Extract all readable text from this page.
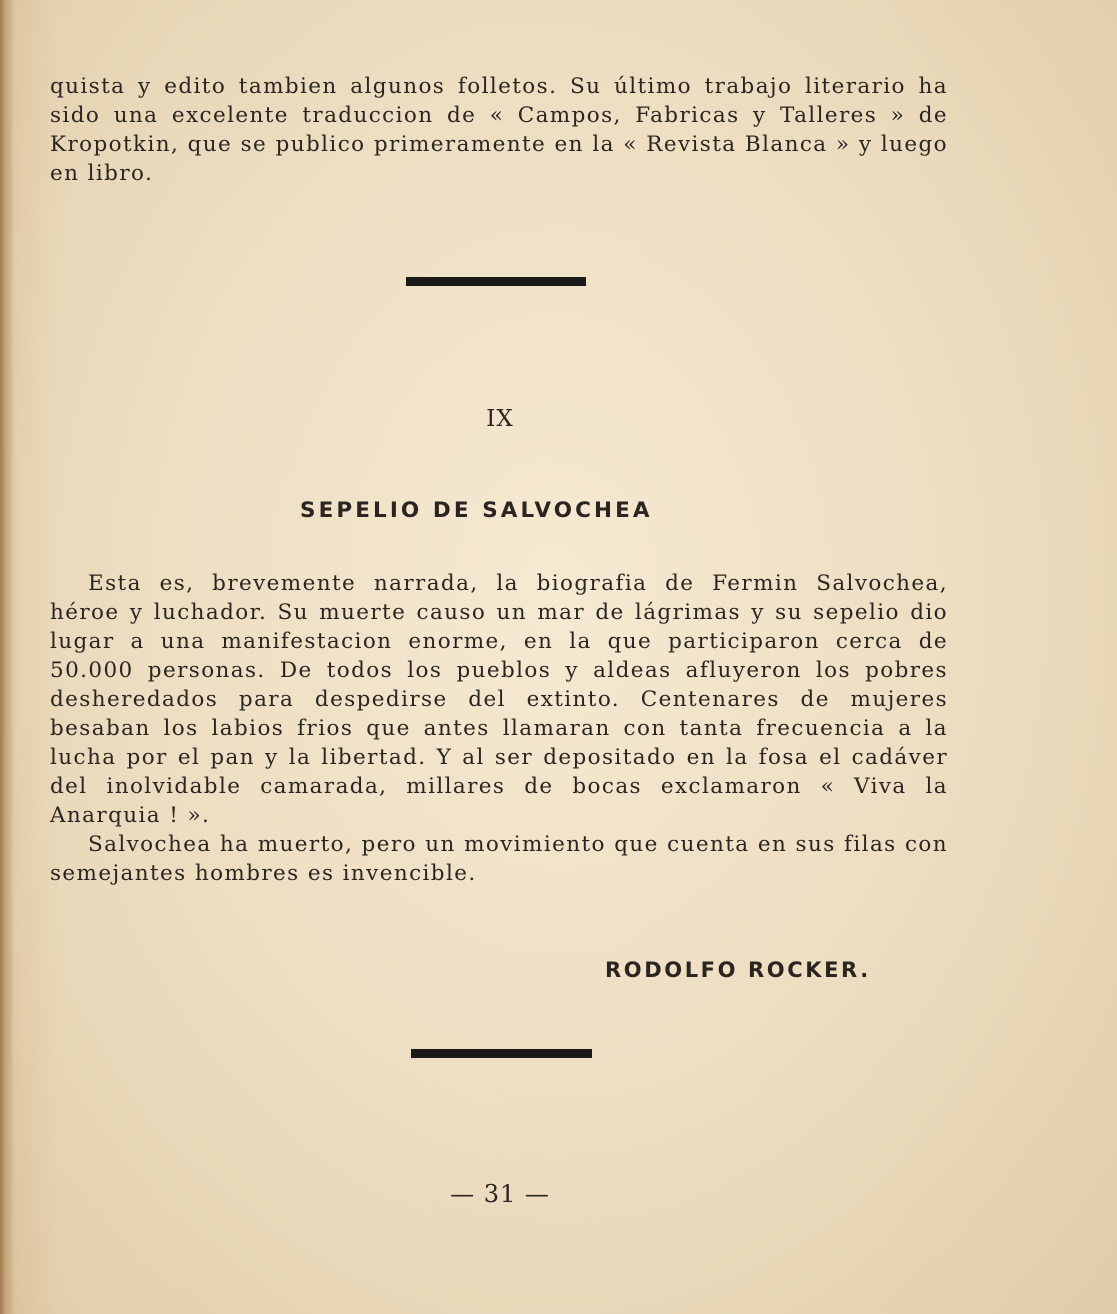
quista y edito tambien algunos folletos. Su último trabajo literario ha sido una excelente traduccion de « Campos, Fabricas y Talleres » de Kropotkin, que se publico primeramente en la « Revista Blanca » y luego en libro.

IX
SEPELIO DE SALVOCHEA

Esta es, brevemente narrada, la biografia de Fermin Salvochea, héroe y luchador. Su muerte causo un mar de lágrimas y su sepelio dio lugar a una manifestacion enorme, en la que participaron cerca de 50.000 personas. De todos los pueblos y aldeas afluyeron los pobres desheredados para despedirse del extinto. Centenares de mujeres besaban los labios frios que antes llamaran con tanta frecuencia a la lucha por el pan y la libertad. Y al ser depositado en la fosa el cadáver del inolvidable camarada, millares de bocas exclamaron « Viva la Anarquia ! ».

Salvochea ha muerto, pero un movimiento que cuenta en sus filas con semejantes hombres es invencible.

RODOLFO ROCKER.
— 31 —
